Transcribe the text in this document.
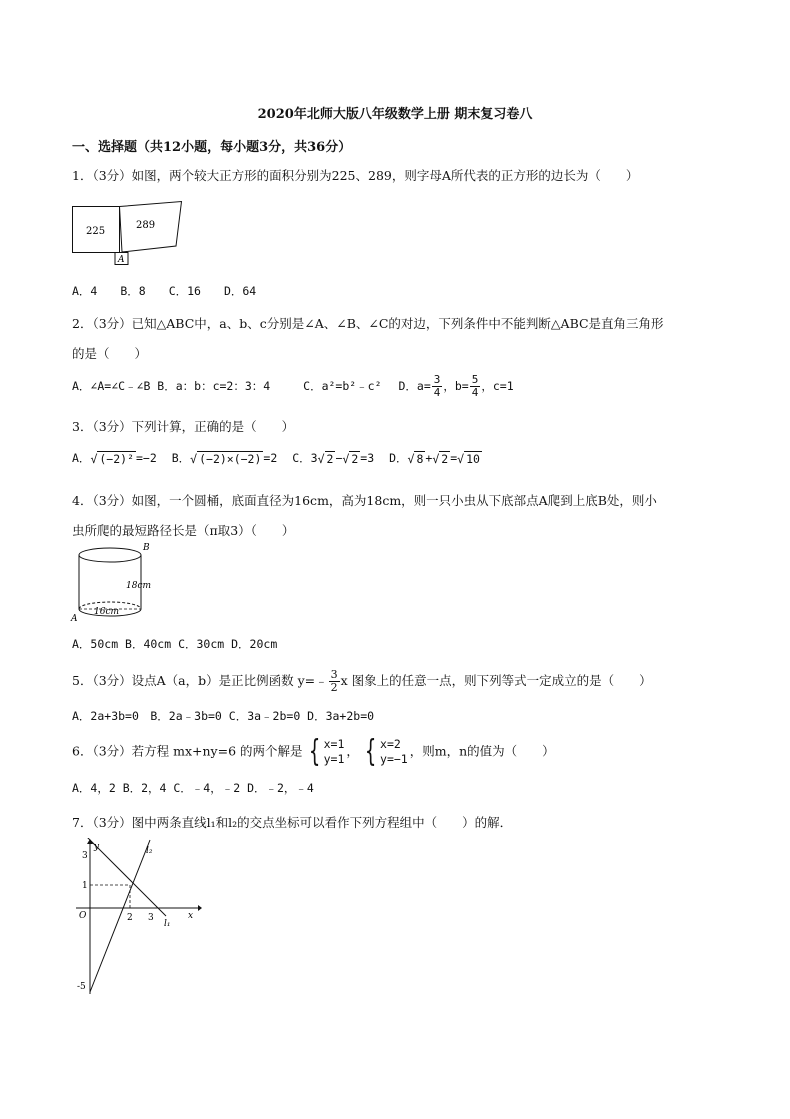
2020年北师大版八年级数学上册 期末复习卷八
一、选择题（共12小题，每小题3分，共36分）
1．（3分）如图，两个较大正方形的面积分别为225、289，则字母A所代表的正方形的边长为（　　）
225
289
A
A．4　　B．8　　C．16　　D．64
2．（3分）已知△ABC中，a、b、c分别是∠A、∠B、∠C的对边，下列条件中不能判断△ABC是直角三角形
的是（　　）
A．∠A=∠C﹣∠B B．a：b：c=2：3：4	C．a²=b²﹣c² D．$a= \frac{3}{4}$ ，$b= \frac{5}{4}$ ，c=1
3．（3分）下列计算，正确的是（　　）
A．√ (−2)² =−2 B．√ (−2)×(−2) =2 C．3√ 2 −√ 2 =3 D．√ 8 +√ 2 =√ 10
4．（3分）如图，一个圆桶，底面直径为16cm，高为18cm，则一只小虫从下底部点A爬到上底B处，则小
虫所爬的最短路径长是（π取3）（　　）
B
A
18cm
16cm
A．50cm B．40cm C．30cm D．20cm
5．（3分）设点A（a，b）是正比例函数 y=﹣ $\frac{3}{2}$ x 图象上的任意一点，则下列等式一定成立的是（　　）
A．2a+3b=0　B．2a﹣3b=0 C．3a﹣2b=0 D．3a+2b=0
6．（3分）若方程 mx+ny=6 的两个解是 { x=1
y=1
， { x=2
y=−1
，则m，n的值为（　　）
A．4，2 B．2，4 C．﹣4，﹣2 D．﹣2，﹣4
7．（3分）图中两条直线l₁和l₂的交点坐标可以看作下列方程组中（　　）的解．
y
x
O
3
1
-5
2 3
l₁
l₂
